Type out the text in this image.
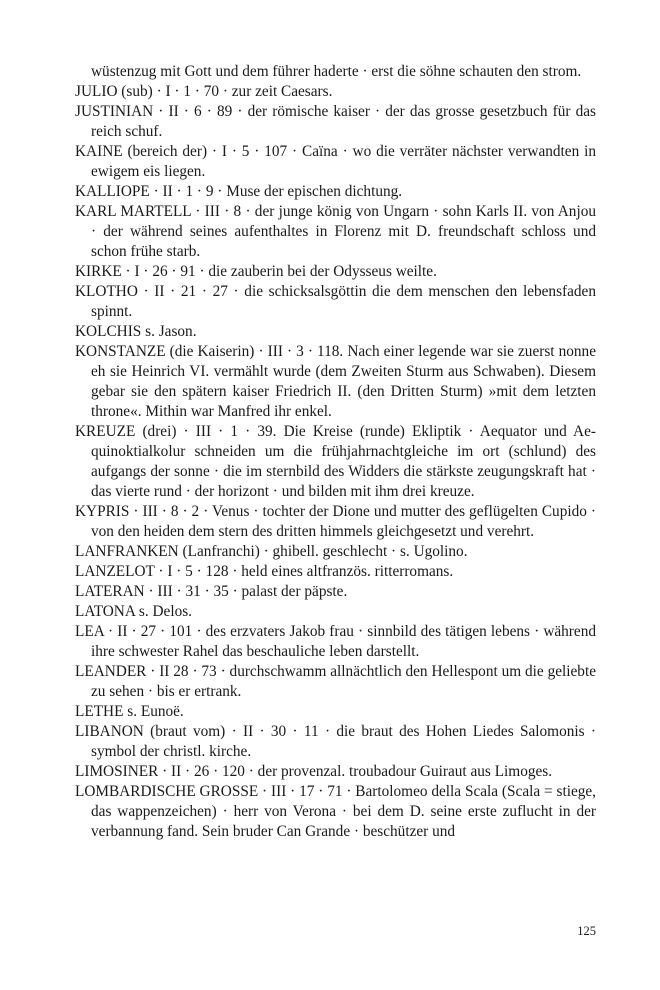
wüstenzug mit Gott und dem führer haderte · erst die söhne schauten den strom.

JULIO (sub) · I · 1 · 70 · zur zeit Caesars.

JUSTINIAN · II · 6 · 89 · der römische kaiser · der das grosse gesetzbuch für das reich schuf.

KAINE (bereich der) · I · 5 · 107 · Caïna · wo die verräter nächster verwandten in ewigem eis liegen.

KALLIOPE · II · 1 · 9 · Muse der epischen dichtung.

KARL MARTELL · III · 8 · der junge könig von Ungarn · sohn Karls II. von Anjou · der während seines aufenthaltes in Florenz mit D. freundschaft schloss und schon frühe starb.

KIRKE · I · 26 · 91 · die zauberin bei der Odysseus weilte.

KLOTHO · II · 21 · 27 · die schicksalsgöttin die dem menschen den lebensfaden spinnt.

KOLCHIS s. Jason.

KONSTANZE (die Kaiserin) · III · 3 · 118. Nach einer legende war sie zuerst nonne eh sie Heinrich VI. vermählt wurde (dem Zweiten Sturm aus Schwaben). Diesem gebar sie den spätern kaiser Friedrich II. (den Dritten Sturm) »mit dem letzten throne«. Mithin war Manfred ihr enkel.

KREUZE (drei) · III · 1 · 39. Die Kreise (runde) Ekliptik · Aequator und Aequinoktialkolur schneiden um die frühjahrnachtgleiche im ort (schlund) des aufgangs der sonne · die im sternbild des Widders die stärkste zeugungskraft hat · das vierte rund · der horizont · und bilden mit ihm drei kreuze.

KYPRIS · III · 8 · 2 · Venus · tochter der Dione und mutter des geflügelten Cupido · von den heiden dem stern des dritten himmels gleichgesetzt und verehrt.

LANFRANKEN (Lanfranchi) · ghibell. geschlecht · s. Ugolino.

LANZELOT · I · 5 · 128 · held eines altfranzös. ritterromans.

LATERAN · III · 31 · 35 · palast der päpste.

LATONA s. Delos.

LEA · II · 27 · 101 · des erzvaters Jakob frau · sinnbild des tätigen lebens · während ihre schwester Rahel das beschauliche leben darstellt.

LEANDER · II 28 · 73 · durchschwamm allnächtlich den Hellespont um die geliebte zu sehen · bis er ertrank.

LETHE s. Eunoë.

LIBANON (braut vom) · II · 30 · 11 · die braut des Hohen Liedes Salomonis · symbol der christl. kirche.

LIMOSINER · II · 26 · 120 · der provenzal. troubadour Guiraut aus Limoges.

LOMBARDISCHE GROSSE · III · 17 · 71 · Bartolomeo della Scala (Scala = stiege, das wappenzeichen) · herr von Verona · bei dem D. seine erste zuflucht in der verbannung fand. Sein bruder Can Grande · beschützer und

125
